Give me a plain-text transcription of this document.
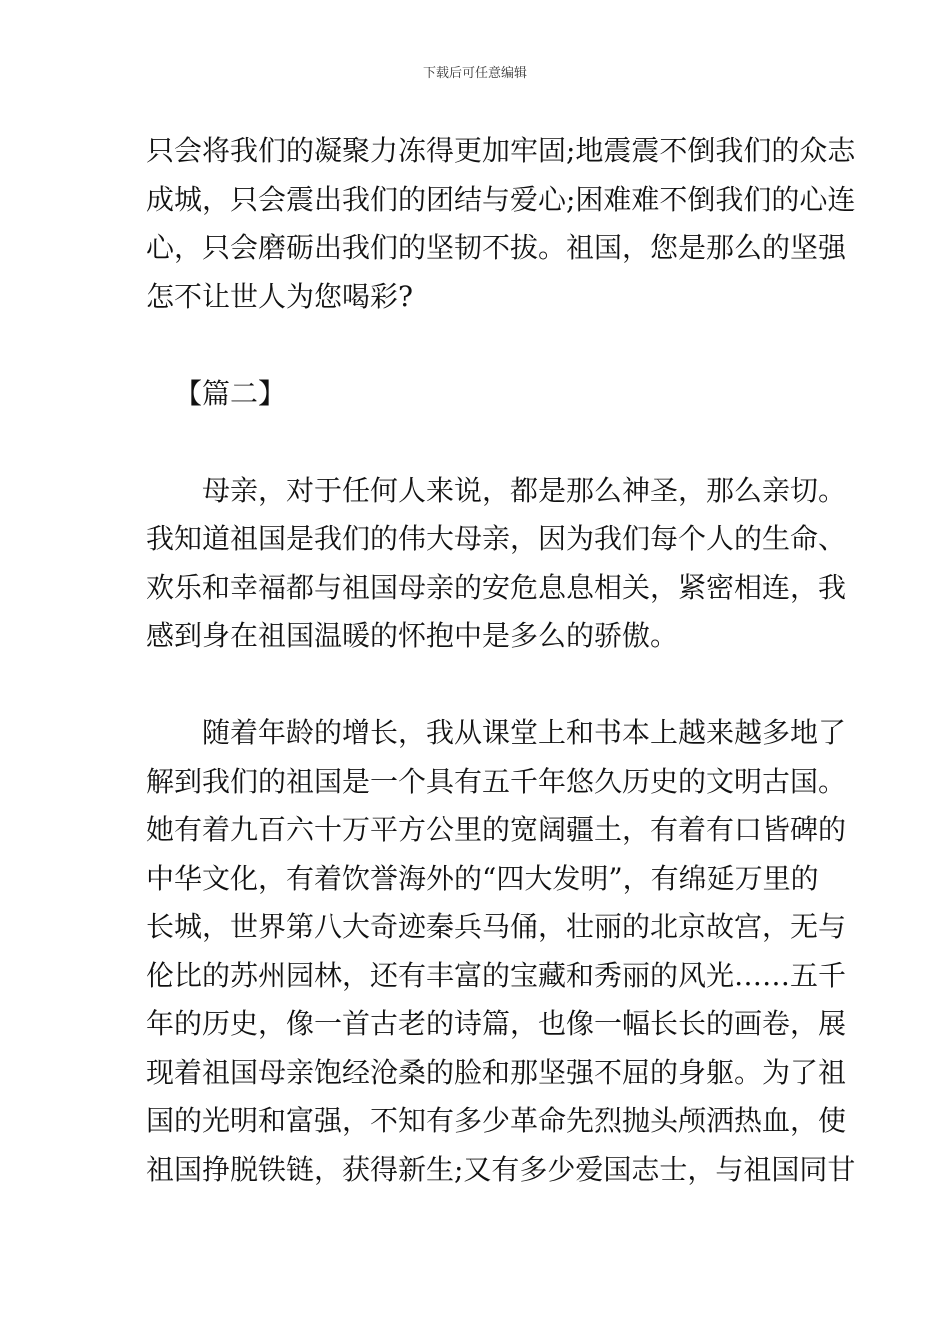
下载后可任意编辑
只会将我们的凝聚力冻得更加牢固;地震震不倒我们的众志
成城，只会震出我们的团结与爱心;困难难不倒我们的心连
心，只会磨砺出我们的坚韧不拔。祖国，您是那么的坚强
怎不让世人为您喝彩?
【篇二】
母亲，对于任何人来说，都是那么神圣，那么亲切。
我知道祖国是我们的伟大母亲，因为我们每个人的生命、
欢乐和幸福都与祖国母亲的安危息息相关，紧密相连，我
感到身在祖国温暖的怀抱中是多么的骄傲。
随着年龄的增长，我从课堂上和书本上越来越多地了
解到我们的祖国是一个具有五千年悠久历史的文明古国。
她有着九百六十万平方公里的宽阔疆土，有着有口皆碑的
中华文化，有着饮誉海外的“四大发明”，有绵延万里的
长城，世界第八大奇迹秦兵马俑，壮丽的北京故宫，无与
伦比的苏州园林，还有丰富的宝藏和秀丽的风光……五千
年的历史，像一首古老的诗篇，也像一幅长长的画卷，展
现着祖国母亲饱经沧桑的脸和那坚强不屈的身躯。为了祖
国的光明和富强，不知有多少革命先烈抛头颅洒热血，使
祖国挣脱铁链，获得新生;又有多少爱国志士，与祖国同甘
